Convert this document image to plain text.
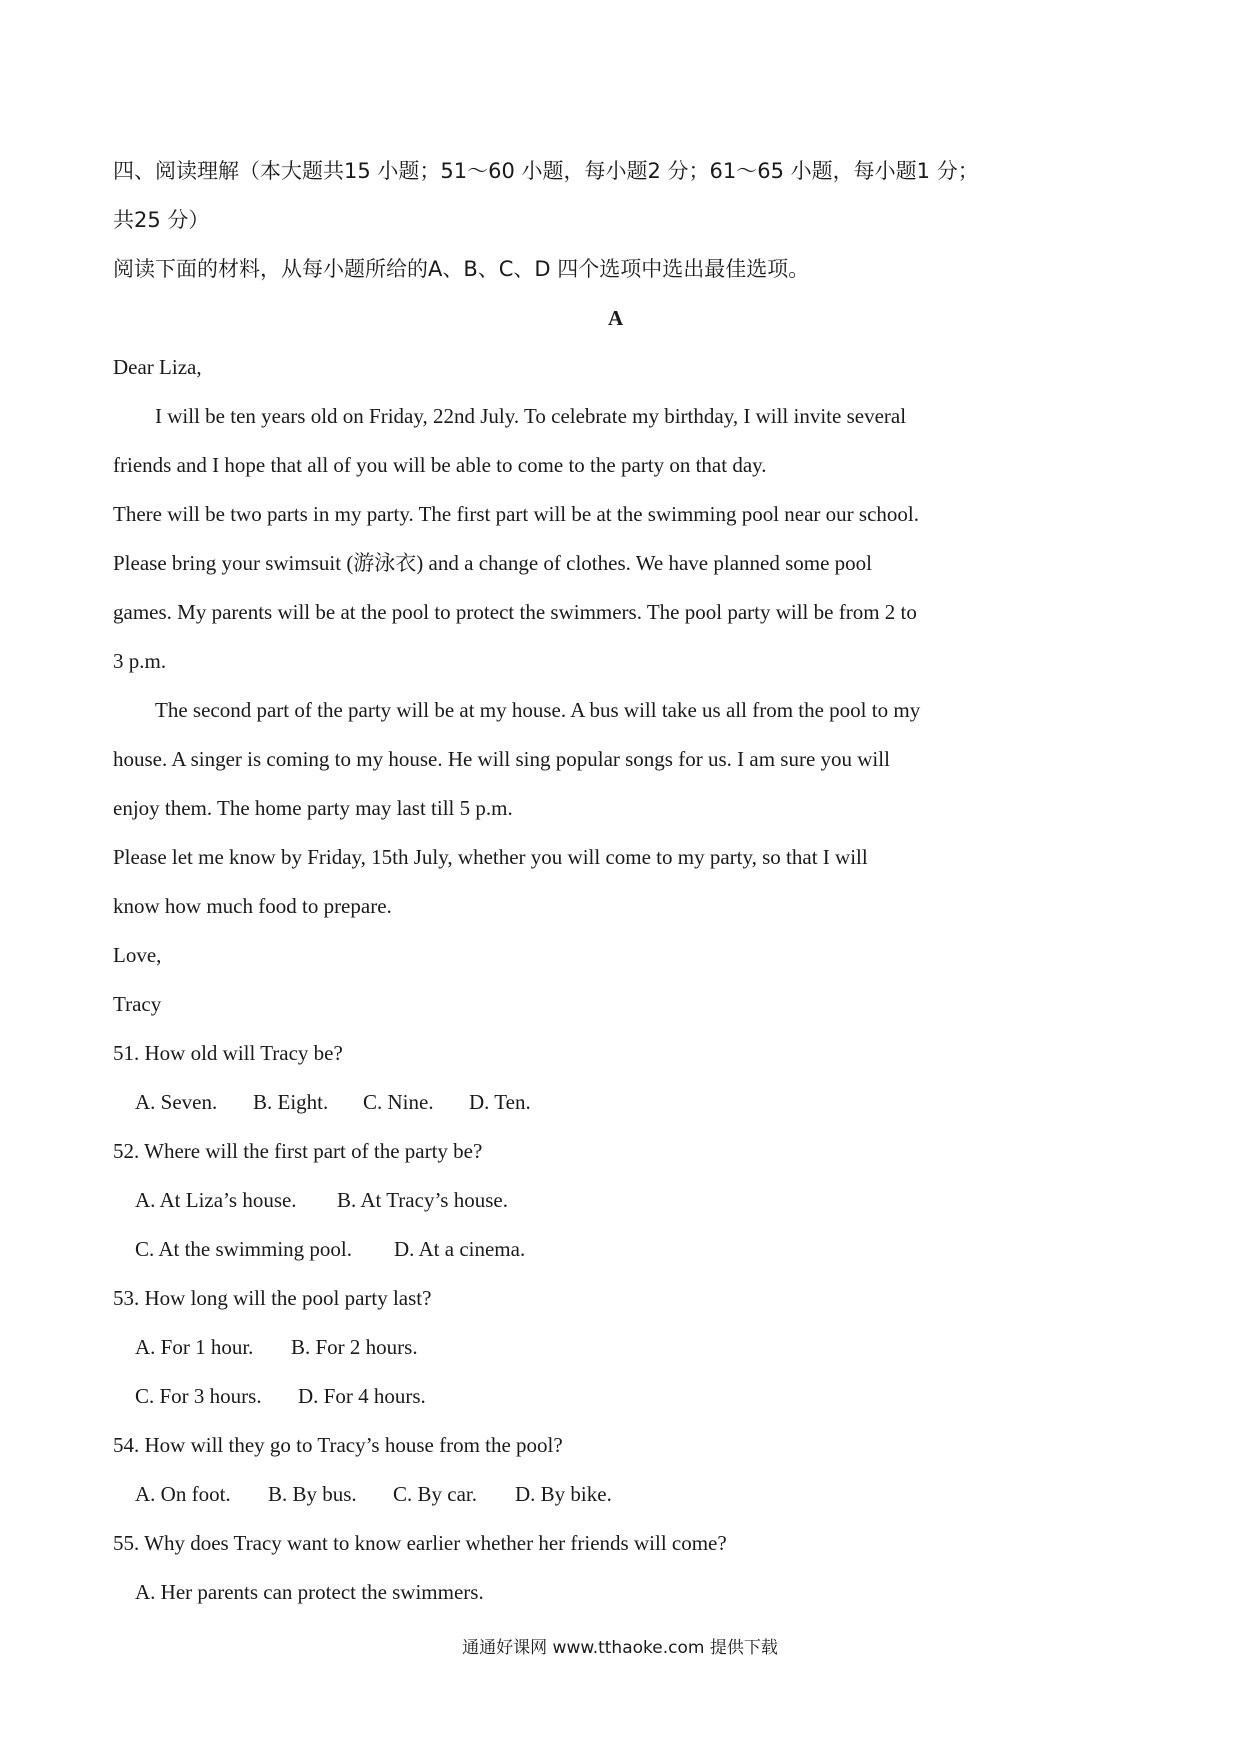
四、阅读理解（本大题共15 小题；51～60 小题，每小题2 分；61～65 小题，每小题1 分；
共25 分）
阅读下面的材料，从每小题所给的A、B、C、D 四个选项中选出最佳选项。
A
Dear Liza,
I will be ten years old on Friday, 22nd July. To celebrate my birthday, I will invite several
friends and I hope that all of you will be able to come to the party on that day.
There will be two parts in my party. The first part will be at the swimming pool near our school.
Please bring your swimsuit (游泳衣) and a change of clothes. We have planned some pool
games. My parents will be at the pool to protect the swimmers. The pool party will be from 2 to
3 p.m.
The second part of the party will be at my house. A bus will take us all from the pool to my
house. A singer is coming to my house. He will sing popular songs for us. I am sure you will
enjoy them. The home party may last till 5 p.m.
Please let me know by Friday, 15th July, whether you will come to my party, so that I will
know how much food to prepare.
Love,
Tracy
51. How old will Tracy be?
A. Seven. B. Eight. C. Nine. D. Ten.
52. Where will the first part of the party be?
A. At Liza’s house. B. At Tracy’s house.
C. At the swimming pool. D. At a cinema.
53. How long will the pool party last?
A. For 1 hour. B. For 2 hours.
C. For 3 hours. D. For 4 hours.
54. How will they go to Tracy’s house from the pool?
A. On foot. B. By bus. C. By car. D. By bike.
55. Why does Tracy want to know earlier whether her friends will come?
A. Her parents can protect the swimmers.
通通好课网 www.tthaoke.com 提供下载
